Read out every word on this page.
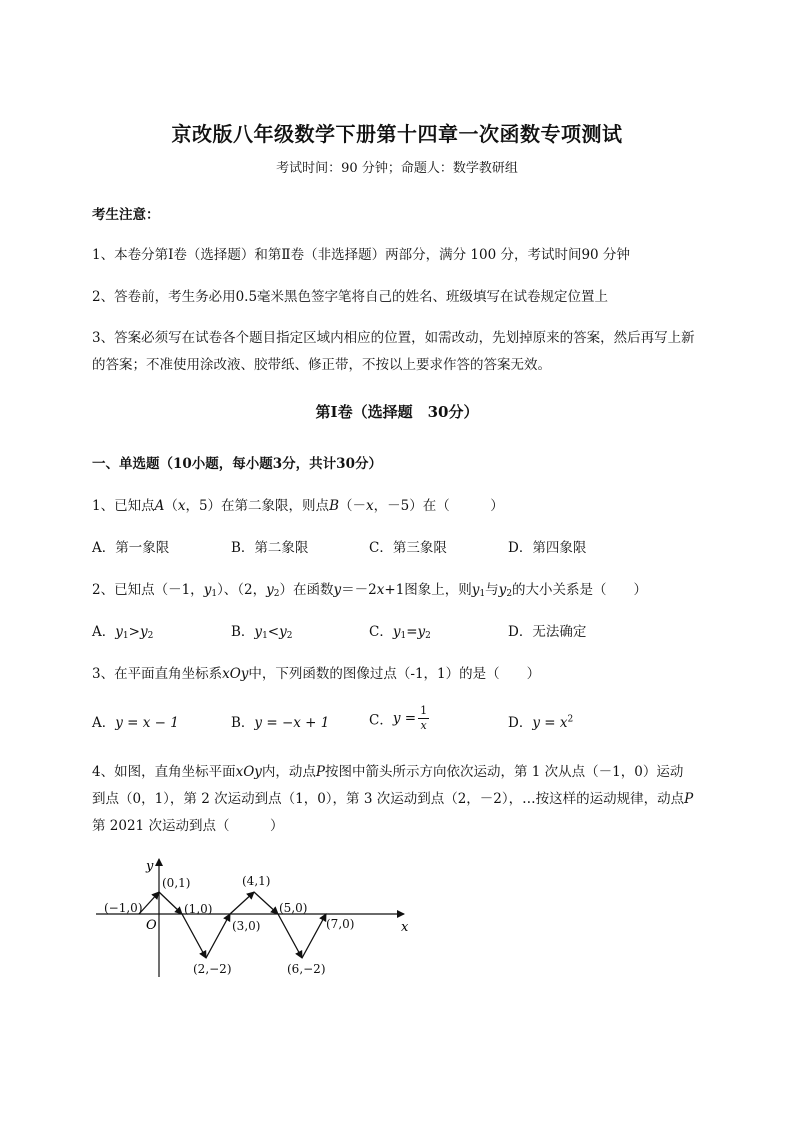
京改版八年级数学下册第十四章一次函数专项测试
考试时间：90 分钟；命题人：数学教研组
考生注意：
1、本卷分第Ⅰ卷（选择题）和第Ⅱ卷（非选择题）两部分，满分 100 分，考试时间90 分钟
2、答卷前，考生务必用0.5毫米黑色签字笔将自己的姓名、班级填写在试卷规定位置上
3、答案必须写在试卷各个题目指定区域内相应的位置，如需改动，先划掉原来的答案，然后再写上新
的答案；不准使用涂改液、胶带纸、修正带，不按以上要求作答的答案无效。
第Ⅰ卷（选择题　30分）
一、单选题（10小题，每小题3分，共计30分）
1、已知点A（x，5）在第二象限，则点B（－x，－5）在（　　　）
A．第一象限	B．第二象限	C．第三象限	D．第四象限
2、已知点（－1，$y_1$）、（2，$y_2$）在函数y＝－2x+1图象上，则$y_1$与$y_2$的大小关系是（　　）
A．$y_1>y_2$	B．$y_1<y_2$	C．$y_1=y_2$	D．无法确定
3、在平面直角坐标系xOy中，下列函数的图像过点（-1，1）的是（　　）
A．y = x − 1	B．y = −x + 1	C．$y = \frac{1}{x}$	D．$y = x^2$
4、如图，直角坐标平面xOy内，动点P按图中箭头所示方向依次运动，第 1 次从点（－1，0）运动
到点（0，1），第 2 次运动到点（1，0），第 3 次运动到点（2，－2），…按这样的运动规律，动点P
第 2021 次运动到点（　　　）
x
y
O
(−1,0)
(0,1)
(1,0)
(2,−2)
(3,0)
(4,1)
(5,0)
(6,−2)
(7,0)
